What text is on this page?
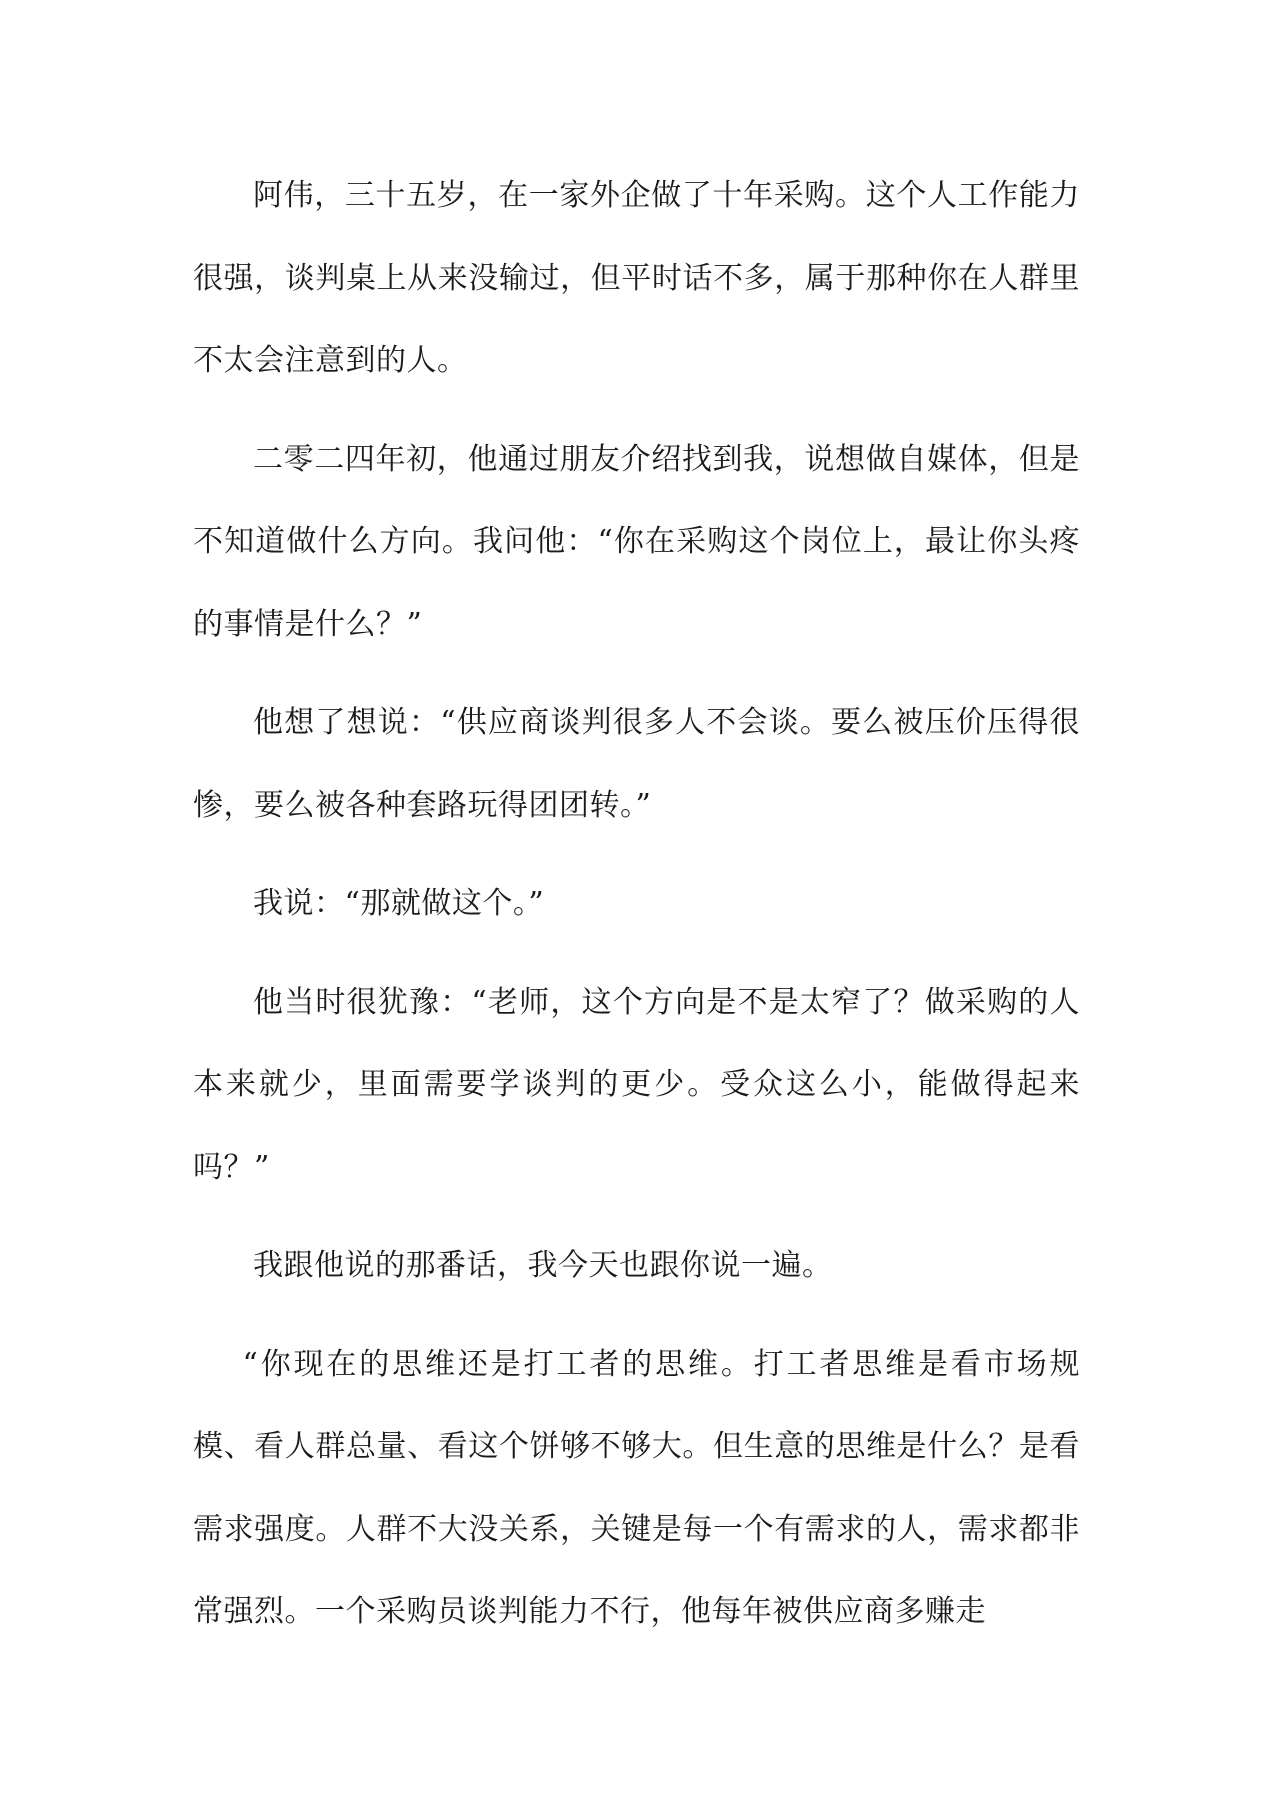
阿伟，三十五岁，在一家外企做了十年采购。这个人工作能力很强，谈判桌上从来没输过，但平时话不多，属于那种你在人群里不太会注意到的人。

二零二四年初，他通过朋友介绍找到我，说想做自媒体，但是不知道做什么方向。我问他：“你在采购这个岗位上，最让你头疼的事情是什么？”

他想了想说：“供应商谈判很多人不会谈。要么被压价压得很惨，要么被各种套路玩得团团转。”

我说：“那就做这个。”

他当时很犹豫：“老师，这个方向是不是太窄了？做采购的人本来就少，里面需要学谈判的更少。受众这么小，能做得起来吗？”

我跟他说的那番话，我今天也跟你说一遍。

“你现在的思维还是打工者的思维。打工者思维是看市场规模、看人群总量、看这个饼够不够大。但生意的思维是什么？是看需求强度。人群不大没关系，关键是每一个有需求的人，需求都非常强烈。一个采购员谈判能力不行，他每年被供应商多赚走
